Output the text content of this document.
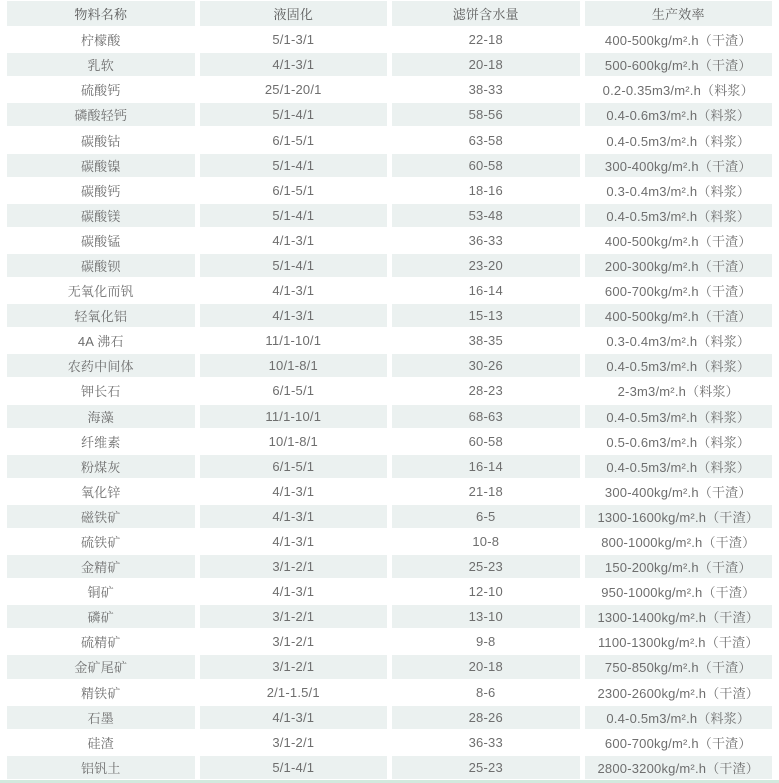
物料名称	液固化	滤饼含水量	生产效率
柠檬酸	5/1-3/1	22-18	400-500kg/m².h（干渣）
乳软	4/1-3/1	20-18	500-600kg/m².h（干渣）
硫酸钙	25/1-20/1	38-33	0.2-0.35m3/m².h（料浆）
磷酸轻钙	5/1-4/1	58-56	0.4-0.6m3/m².h（料浆）
碳酸钴	6/1-5/1	63-58	0.4-0.5m3/m².h（料浆）
碳酸镍	5/1-4/1	60-58	300-400kg/m².h（干渣）
碳酸钙	6/1-5/1	18-16	0.3-0.4m3/m².h（料浆）
碳酸镁	5/1-4/1	53-48	0.4-0.5m3/m².h（料浆）
碳酸锰	4/1-3/1	36-33	400-500kg/m².h（干渣）
碳酸钡	5/1-4/1	23-20	200-300kg/m².h（干渣）
无氧化而钒	4/1-3/1	16-14	600-700kg/m².h（干渣）
轻氧化铝	4/1-3/1	15-13	400-500kg/m².h（干渣）
4A 沸石	11/1-10/1	38-35	0.3-0.4m3/m².h（料浆）
农药中间体	10/1-8/1	30-26	0.4-0.5m3/m².h（料浆）
钾长石	6/1-5/1	28-23	2-3m3/m².h（料浆）
海藻	11/1-10/1	68-63	0.4-0.5m3/m².h（料浆）
纤维素	10/1-8/1	60-58	0.5-0.6m3/m².h（料浆）
粉煤灰	6/1-5/1	16-14	0.4-0.5m3/m².h（料浆）
氧化锌	4/1-3/1	21-18	300-400kg/m².h（干渣）
磁铁矿	4/1-3/1	6-5	1300-1600kg/m².h（干渣）
硫铁矿	4/1-3/1	10-8	800-1000kg/m².h（干渣）
金精矿	3/1-2/1	25-23	150-200kg/m².h（干渣）
铜矿	4/1-3/1	12-10	950-1000kg/m².h（干渣）
磷矿	3/1-2/1	13-10	1300-1400kg/m².h（干渣）
硫精矿	3/1-2/1	9-8	1100-1300kg/m².h（干渣）
金矿尾矿	3/1-2/1	20-18	750-850kg/m².h（干渣）
精铁矿	2/1-1.5/1	8-6	2300-2600kg/m².h（干渣）
石墨	4/1-3/1	28-26	0.4-0.5m3/m².h（料浆）
硅渣	3/1-2/1	36-33	600-700kg/m².h（干渣）
铝钒土	5/1-4/1	25-23	2800-3200kg/m².h（干渣）
